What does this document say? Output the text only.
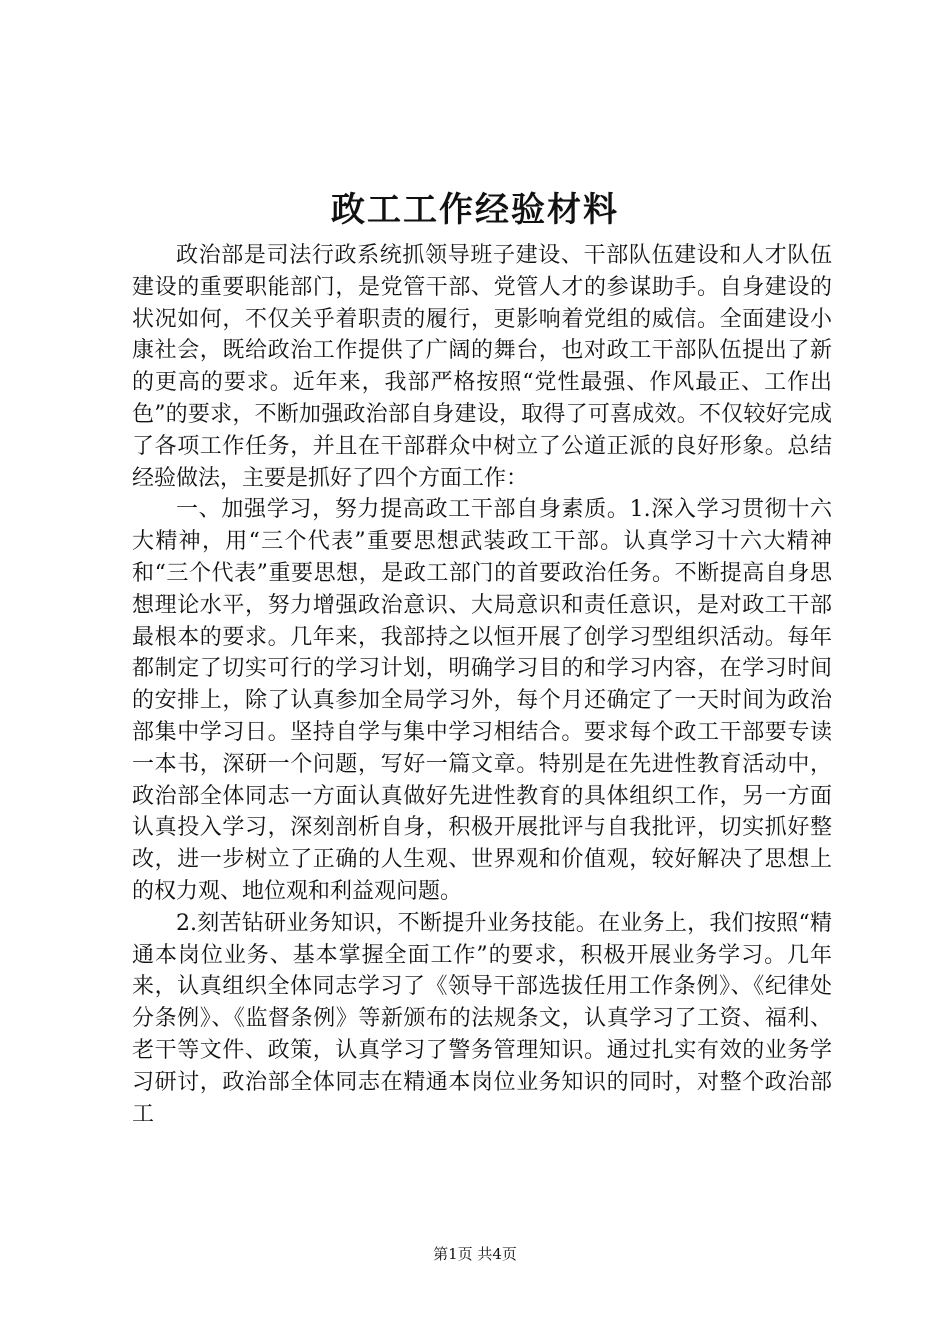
政工工作经验材料

政治部是司法行政系统抓领导班子建设、干部队伍建设和人才队伍建设的重要职能部门，是党管干部、党管人才的参谋助手。自身建设的状况如何，不仅关乎着职责的履行，更影响着党组的威信。全面建设小康社会，既给政治工作提供了广阔的舞台，也对政工干部队伍提出了新的更高的要求。近年来，我部严格按照“党性最强、作风最正、工作出色”的要求，不断加强政治部自身建设，取得了可喜成效。不仅较好完成了各项工作任务，并且在干部群众中树立了公道正派的良好形象。总结经验做法，主要是抓好了四个方面工作：

一、加强学习，努力提高政工干部自身素质。1.深入学习贯彻十六大精神，用“三个代表”重要思想武装政工干部。认真学习十六大精神和“三个代表”重要思想，是政工部门的首要政治任务。不断提高自身思想理论水平，努力增强政治意识、大局意识和责任意识，是对政工干部最根本的要求。几年来，我部持之以恒开展了创学习型组织活动。每年都制定了切实可行的学习计划，明确学习目的和学习内容，在学习时间的安排上，除了认真参加全局学习外，每个月还确定了一天时间为政治部集中学习日。坚持自学与集中学习相结合。要求每个政工干部要专读一本书，深研一个问题，写好一篇文章。特别是在先进性教育活动中，政治部全体同志一方面认真做好先进性教育的具体组织工作，另一方面认真投入学习，深刻剖析自身，积极开展批评与自我批评，切实抓好整改，进一步树立了正确的人生观、世界观和价值观，较好解决了思想上的权力观、地位观和利益观问题。

2.刻苦钻研业务知识，不断提升业务技能。在业务上，我们按照“精通本岗位业务、基本掌握全面工作”的要求，积极开展业务学习。几年来，认真组织全体同志学习了《领导干部选拔任用工作条例》、《纪律处分条例》、《监督条例》等新颁布的法规条文，认真学习了工资、福利、老干等文件、政策，认真学习了警务管理知识。通过扎实有效的业务学习研讨，政治部全体同志在精通本岗位业务知识的同时，对整个政治部工

第1页 共4页
